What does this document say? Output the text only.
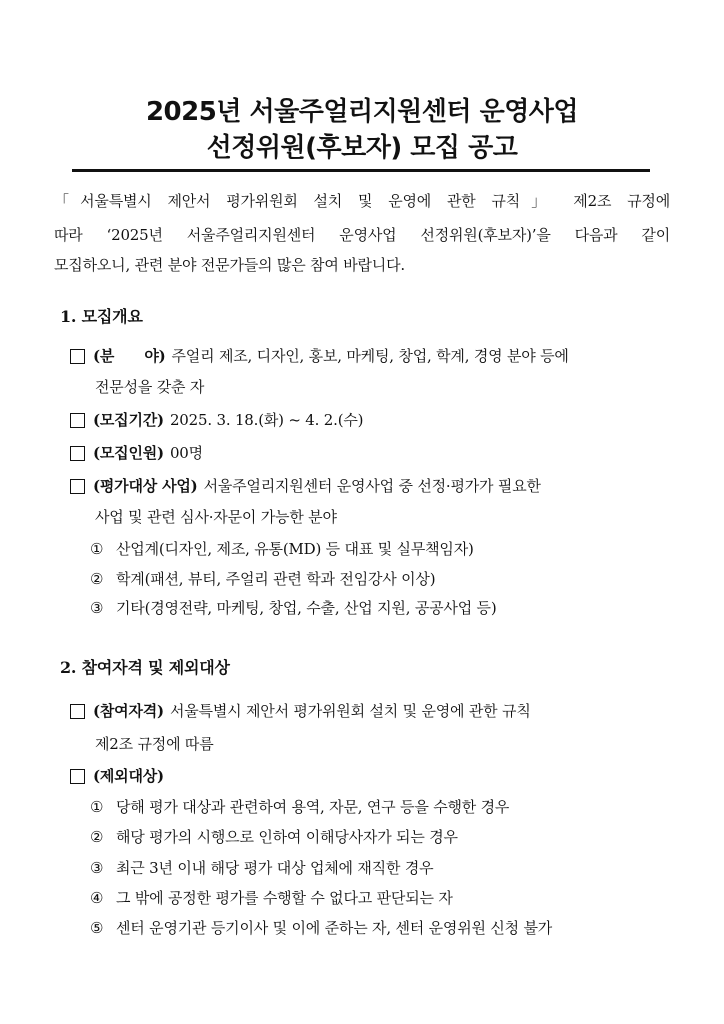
2025년 서울주얼리지원센터 운영사업
선정위원(후보자) 모집 공고
「서울특별시 제안서 평가위원회 설치 및 운영에 관한 규칙」 제2조 규정에
따라 ‘2025년 서울주얼리지원센터 운영사업 선정위원(후보자)’을 다음과 같이
모집하오니, 관련 분야 전문가들의 많은 참여 바랍니다.
1. 모집개요
(분      야) 주얼리 제조, 디자인, 홍보, 마케팅, 창업, 학계, 경영 분야 등에
전문성을 갖춘 자
(모집기간) 2025. 3. 18.(화) ~ 4. 2.(수)
(모집인원) 00명
(평가대상 사업) 서울주얼리지원센터 운영사업 중 선정·평가가 필요한
사업 및 관련 심사·자문이 가능한 분야
① 산업계(디자인, 제조, 유통(MD) 등 대표 및 실무책임자)
② 학계(패션, 뷰티, 주얼리 관련 학과 전임강사 이상)
③ 기타(경영전략, 마케팅, 창업, 수출, 산업 지원, 공공사업 등)
2. 참여자격 및 제외대상
(참여자격) 서울특별시 제안서 평가위원회 설치 및 운영에 관한 규칙
제2조 규정에 따름
(제외대상)
① 당해 평가 대상과 관련하여 용역, 자문, 연구 등을 수행한 경우
② 해당 평가의 시행으로 인하여 이해당사자가 되는 경우
③ 최근 3년 이내 해당 평가 대상 업체에 재직한 경우
④ 그 밖에 공정한 평가를 수행할 수 없다고 판단되는 자
⑤ 센터 운영기관 등기이사 및 이에 준하는 자, 센터 운영위원 신청 불가
